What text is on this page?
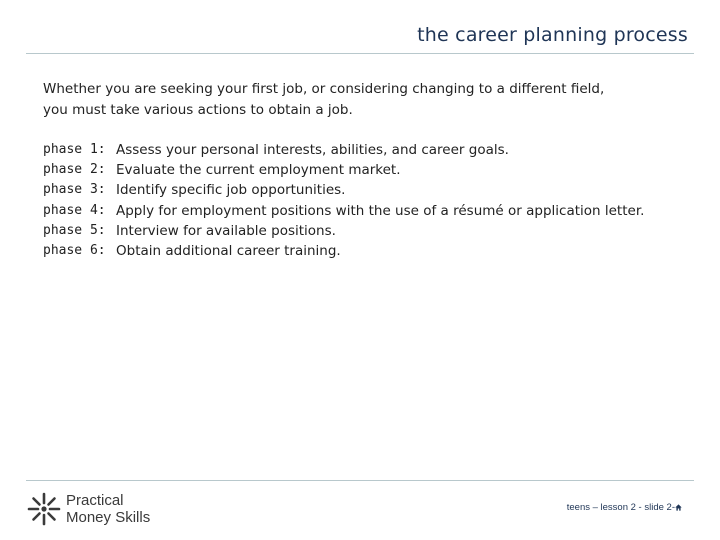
the career planning process

Whether you are seeking your first job, or considering changing to a different field,

you must take various actions to obtain a job.

phase 1: Assess your personal interests, abilities, and career goals.
phase 2: Evaluate the current employment market.
phase 3: Identify specific job opportunities.
phase 4: Apply for employment positions with the use of a résumé or application letter.
phase 5: Interview for available positions.
phase 6: Obtain additional career training.
Practical
Money Skills
teens – lesson 2 - slide 2-
